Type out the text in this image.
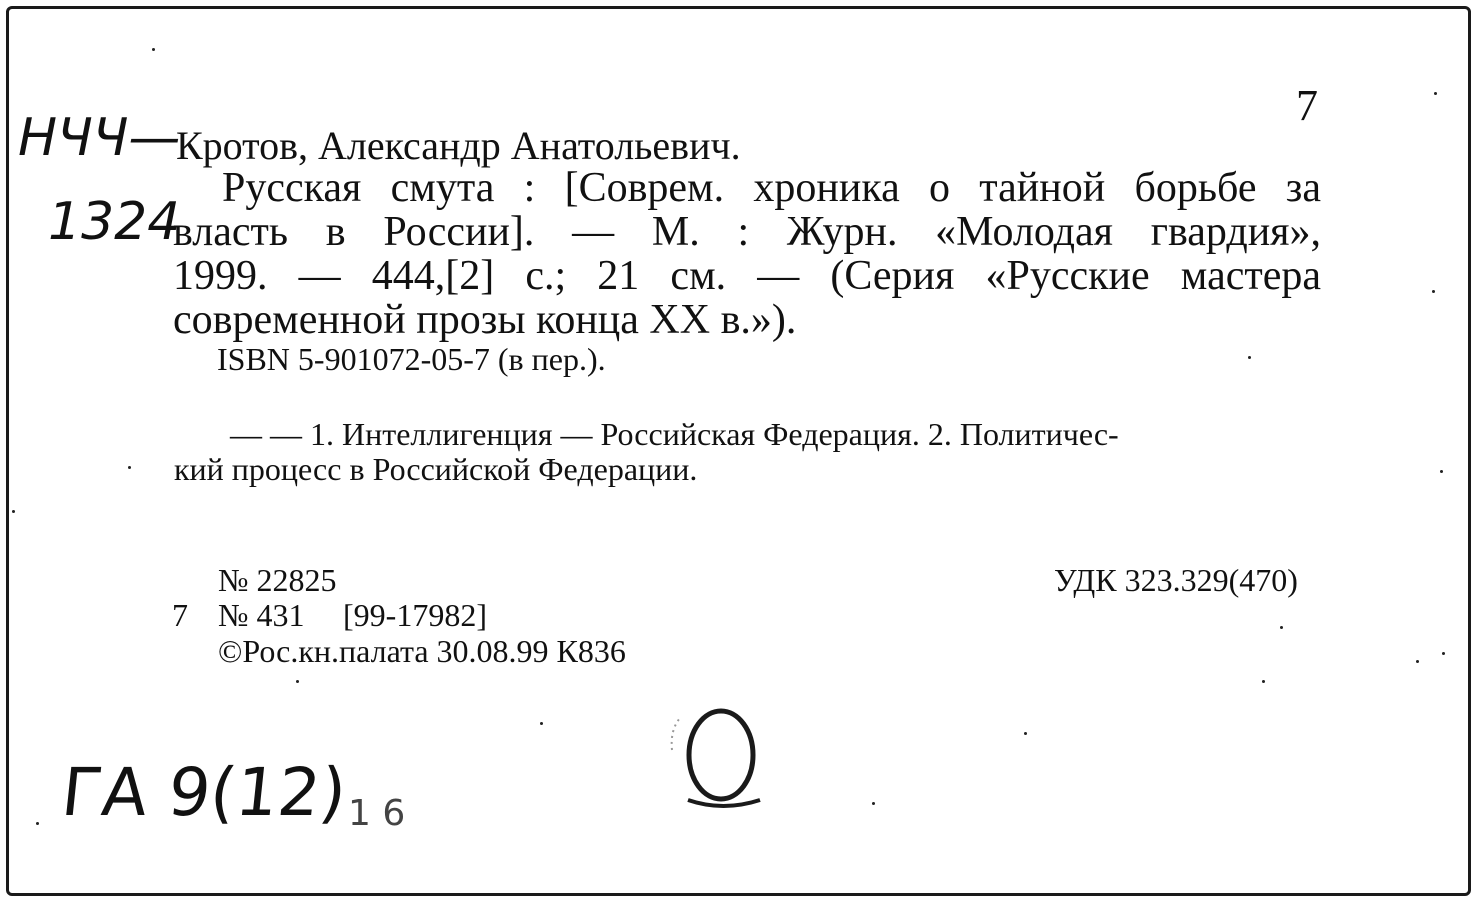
7
НЧЧ—
1324
Кротов, Александр Анатольевич.
Русская смута : [Соврем. хроника о тайной борьбе за
власть в России]. — М. : Журн. «Молодая гвардия»,
1999. — 444,[2] с.; 21 см. — (Серия «Русские мастера
современной прозы конца XX в.»).
ISBN 5-901072-05-7 (в пер.).
— — 1. Интеллигенция — Российская Федерация. 2. Политичес-
кий процесс в Российской Федерации.
№ 22825	УДК 323.329(470)
7 № 431 [99-17982]
©Рос.кн.палата 30.08.99 К836
ГА 9(12)
1 6
